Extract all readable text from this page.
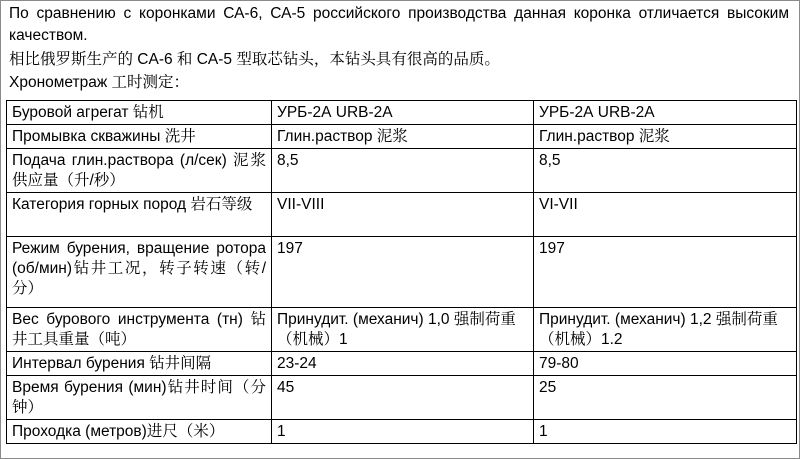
По сравнению с коронками СА-6, СА-5 российского производства данная коронка отличается высоким качеством.

相比俄罗斯生产的 CA-6 和 CA-5 型取芯钻头，本钻头具有很高的品质。

Хронометраж 工时测定：

Буровой агрегат 钻机	УРБ-2А URB-2A	УРБ-2А URB-2A
Промывка скважины 洗井	Глин.раствор 泥浆	Глин.раствор 泥浆
Подача глин.раствора (л/сек) 泥浆供应量（升/秒）	8,5	8,5
Категория горных пород 岩石等级	VII-VIII	VI-VII
Режим бурения, вращение ротора (об/мин)钻井工况，转子转速（转/分）	197	197
Вес бурового инструмента (тн) 钻井工具重量（吨）	Принудит. (механич) 1,0 强制荷重（机械）1	Принудит. (механич) 1,2 强制荷重（机械）1.2
Интервал бурения 钻井间隔	23-24	79-80
Время бурения (мин)钻井时间（分钟）	45	25
Проходка (метров)进尺（米）	1	1
